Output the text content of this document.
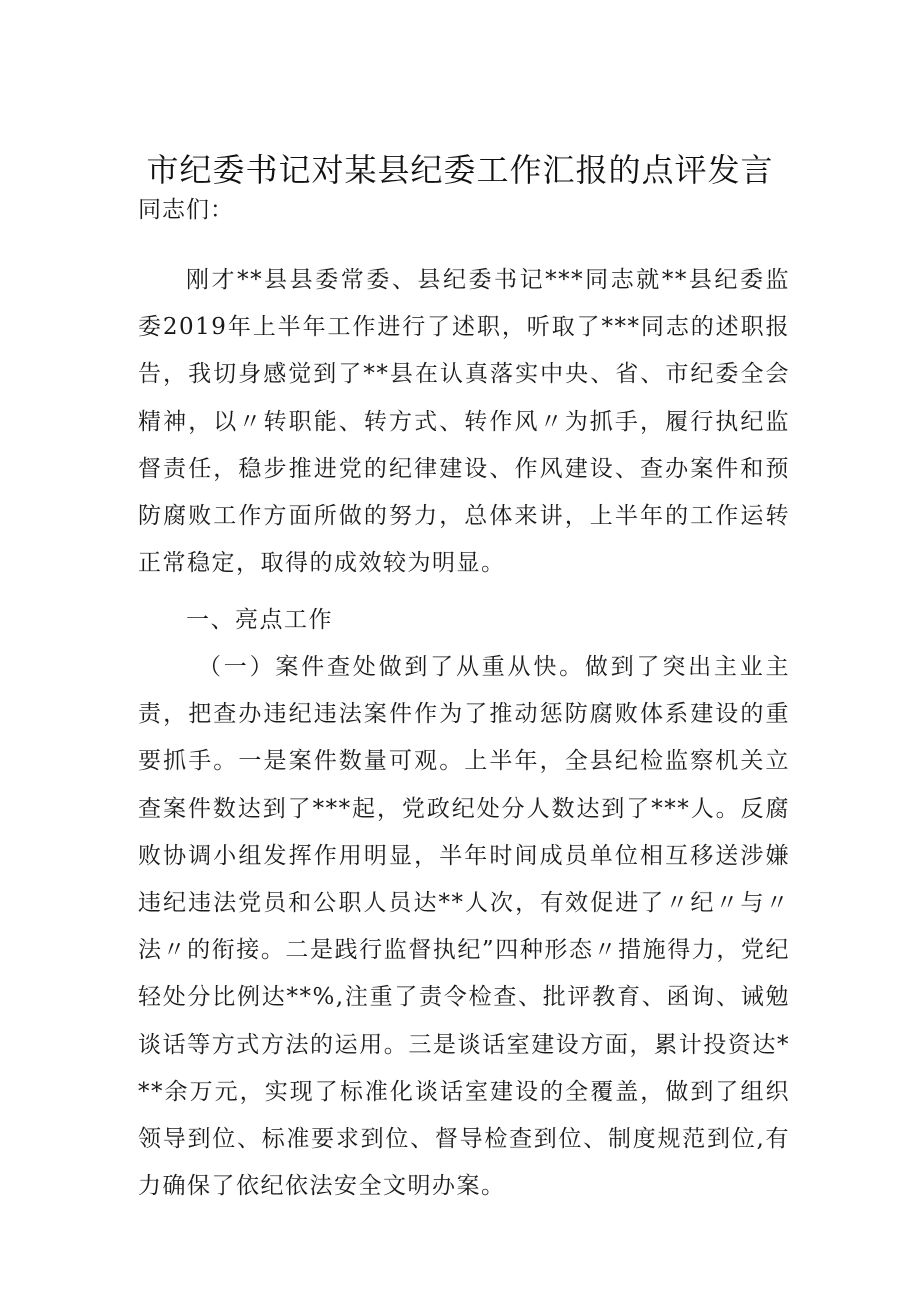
市纪委书记对某县纪委工作汇报的点评发言
同志们：

刚才**县县委常委、县纪委书记***同志就**县纪委监委2019年上半年工作进行了述职，听取了***同志的述职报告，我切身感觉到了**县在认真落实中央、省、市纪委全会精神，以〃转职能、转方式、转作风〃为抓手，履行执纪监督责任，稳步推进党的纪律建设、作风建设、查办案件和预防腐败工作方面所做的努力，总体来讲，上半年的工作运转正常稳定，取得的成效较为明显。

一、亮点工作

（一）案件查处做到了从重从快。做到了突出主业主责，把查办违纪违法案件作为了推动惩防腐败体系建设的重要抓手。一是案件数量可观。上半年，全县纪检监察机关立查案件数达到了***起，党政纪处分人数达到了***人。反腐败协调小组发挥作用明显，半年时间成员单位相互移送涉嫌违纪违法党员和公职人员达**人次，有效促进了〃纪〃与〃法〃的衔接。二是践行监督执纪”四种形态〃措施得力，党纪轻处分比例达**%,注重了责令检查、批评教育、函询、诫勉谈话等方式方法的运用。三是谈话室建设方面，累计投资达***余万元，实现了标准化谈话室建设的全覆盖，做到了组织领导到位、标准要求到位、督导检查到位、制度规范到位,有力确保了依纪依法安全文明办案。
